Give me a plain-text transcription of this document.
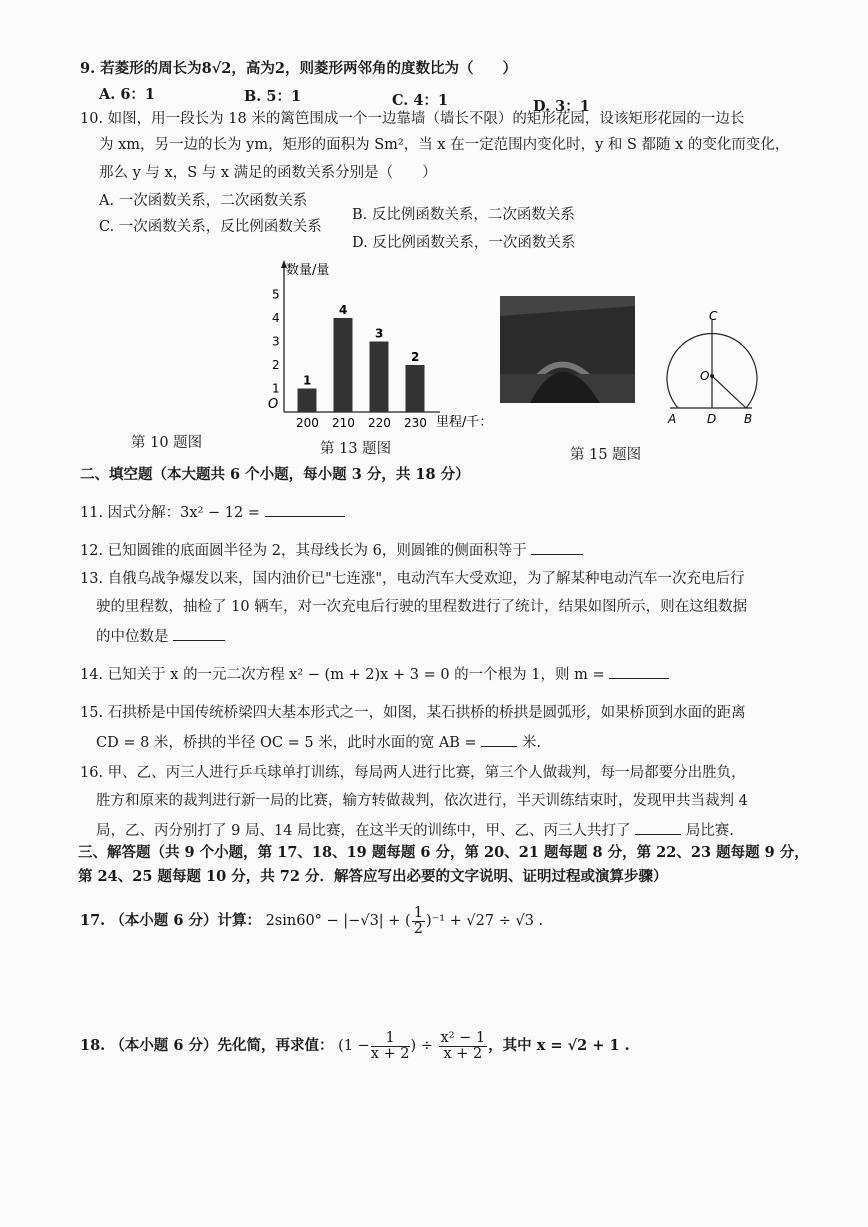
9. 若菱形的周长为8√2，高为2，则菱形两邻角的度数比为（　　）
A. 6：1	B. 5：1	C. 4：1	D. 3：1
10. 如图，用一段长为 18 米的篱笆围成一个一边靠墙（墙长不限）的矩形花园，设该矩形花园的一边长
为 xm，另一边的长为 ym，矩形的面积为 Sm²，当 x 在一定范围内变化时，y 和 S 都随 x 的变化而变化，
那么 y 与 x，S 与 x 满足的函数关系分别是（　　）
A. 一次函数关系，二次函数关系
B. 反比例函数关系，二次函数关系
C. 一次函数关系，反比例函数关系
D. 反比例函数关系，一次函数关系
数量/量
O
里程/千：
1
200
4
210
3
220
2
230
1
2
3
4
5
第 10 题图	第 13 题图
C
O
A	D B
第 15 题图
二、填空题（本大题共 6 个小题，每小题 3 分，共 18 分）
11. 因式分解：3x² − 12 =
12. 已知圆锥的底面圆半径为 2，其母线长为 6，则圆锥的侧面积等于
13. 自俄乌战争爆发以来，国内油价已"七连涨"，电动汽车大受欢迎，为了解某种电动汽车一次充电后行
驶的里程数，抽检了 10 辆车，对一次充电后行驶的里程数进行了统计，结果如图所示，则在这组数据
的中位数是
14. 已知关于 x 的一元二次方程 x² − (m + 2)x + 3 = 0 的一个根为 1，则 m =
15. 石拱桥是中国传统桥梁四大基本形式之一，如图，某石拱桥的桥拱是圆弧形，如果桥顶到水面的距离
CD = 8 米，桥拱的半径 OC = 5 米，此时水面的宽 AB =	米.
16. 甲、乙、丙三人进行乒乓球单打训练，每局两人进行比赛，第三个人做裁判，每一局都要分出胜负，
胜方和原来的裁判进行新一局的比赛，输方转做裁判，依次进行，半天训练结束时，发现甲共当裁判 4
局，乙、丙分别打了 9 局、14 局比赛，在这半天的训练中，甲、乙、丙三人共打了	局比赛.
三、解答题（共 9 个小题，第 17、18、19 题每题 6 分，第 20、21 题每题 8 分，第 22、23 题每题 9 分，
第 24、25 题每题 10 分，共 72 分．解答应写出必要的文字说明、证明过程或演算步骤）
17. （本小题 6 分）计算： 2sin60° − |−√3| + ( $\frac{1}{2} )^{-1} + √27 \div √3$ .
18. （本小题 6 分）先化简，再求值： ($1 - \frac{1}{x + 2}$ ) ÷ $\frac{\text{x² − 1}}{x + 2}$ ，其中 x = √2 + 1 .
